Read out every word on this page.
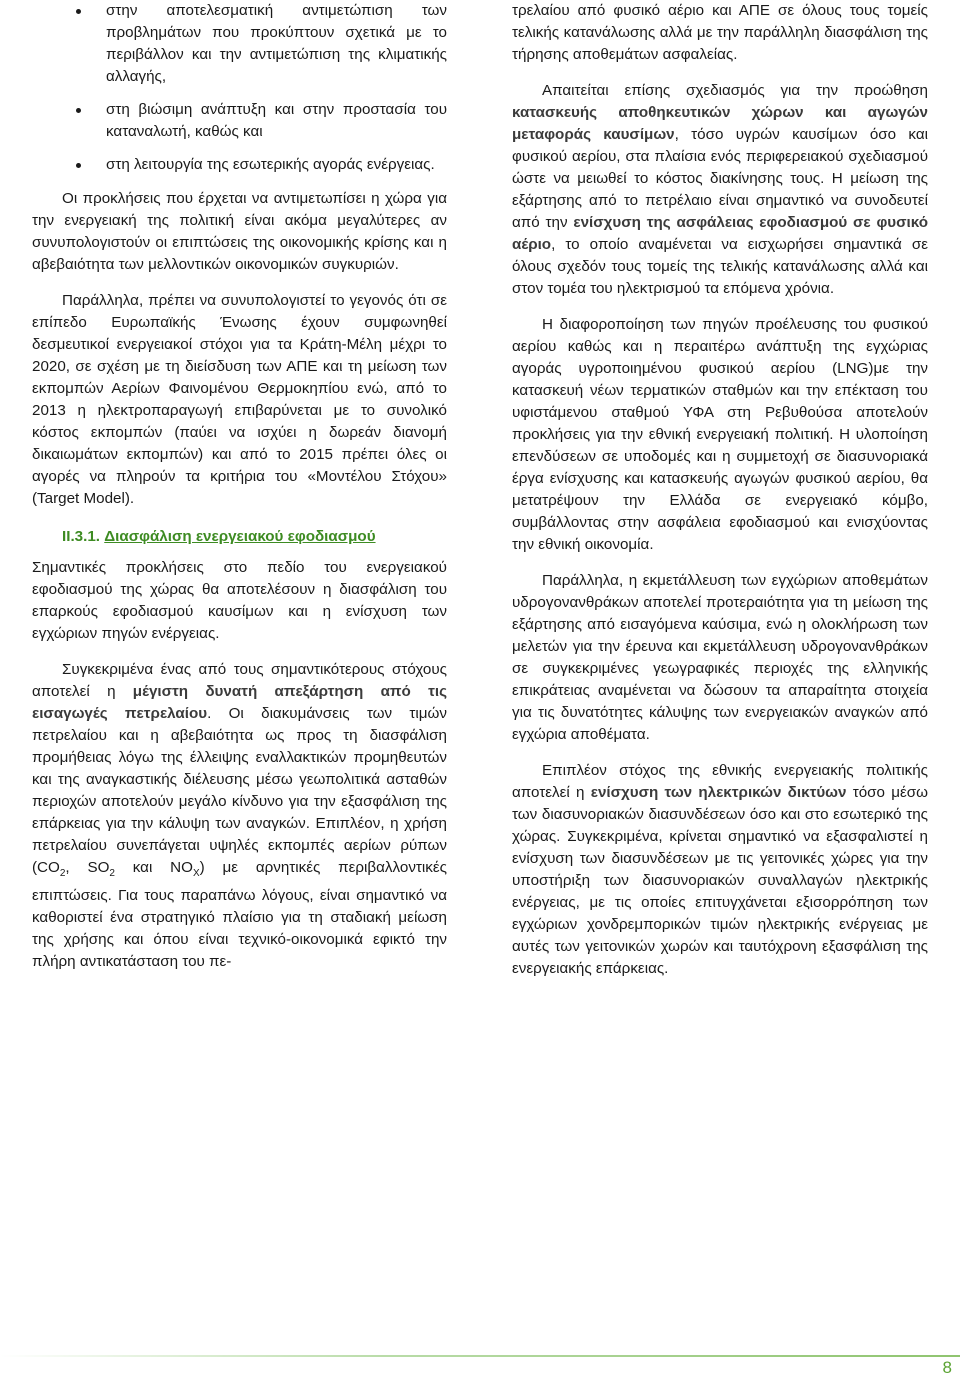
στην αποτελεσματική αντιμετώπιση των προβλημάτων που προκύπτουν σχετικά με το περιβάλλον και την αντιμετώπιση της κλιματικής αλλαγής,
στη βιώσιμη ανάπτυξη και στην προστασία του καταναλωτή, καθώς και
στη λειτουργία της εσωτερικής αγοράς ενέργειας.

Οι προκλήσεις που έρχεται να αντιμετωπίσει η χώρα για την ενεργειακή της πολιτική είναι ακόμα μεγαλύτερες αν συνυπολογιστούν οι επιπτώσεις της οικονομικής κρίσης και η αβεβαιότητα των μελλοντικών οικονομικών συγκυριών.

Παράλληλα, πρέπει να συνυπολογιστεί το γεγονός ότι σε επίπεδο Ευρωπαϊκής Ένωσης έχουν συμφωνηθεί δεσμευτικοί ενεργειακοί στόχοι για τα Κράτη-Μέλη μέχρι το 2020, σε σχέση με τη διείσδυση των ΑΠΕ και τη μείωση των εκπομπών Αερίων Φαινομένου Θερμοκηπίου ενώ, από το 2013 η ηλεκτροπαραγωγή επιβαρύνεται με το συνολικό κόστος εκπομπών (παύει να ισχύει η δωρεάν διανομή δικαιωμάτων εκπομπών) και από το 2015 πρέπει όλες οι αγορές να πληρούν τα κριτήρια του «Μοντέλου Στόχου» (Target Model).

II.3.1. Διασφάλιση ενεργειακού εφοδιασμού

Σημαντικές προκλήσεις στο πεδίο του ενεργειακού εφοδιασμού της χώρας θα αποτελέσουν η διασφάλιση του επαρκούς εφοδιασμού καυσίμων και η ενίσχυση των εγχώριων πηγών ενέργειας.

Συγκεκριμένα ένας από τους σημαντικότερους στόχους αποτελεί η μέγιστη δυνατή απεξάρτηση από τις εισαγωγές πετρελαίου. Οι διακυμάνσεις των τιμών πετρελαίου και η αβεβαιότητα ως προς τη διασφάλιση προμήθειας λόγω της έλλειψης εναλλακτικών προμηθευτών και της αναγκαστικής διέλευσης μέσω γεωπολιτικά ασταθών περιοχών αποτελούν μεγάλο κίνδυνο για την εξασφάλιση της επάρκειας για την κάλυψη των αναγκών. Επιπλέον, η χρήση πετρελαίου συνεπάγεται υψηλές εκπομπές αερίων ρύπων ($CO_2$, $SO_2$ και $NO_X$) με αρνητικές περιβαλλοντικές επιπτώσεις. Για τους παραπάνω λόγους, είναι σημαντικό να καθοριστεί ένα στρατηγικό πλαίσιο για τη σταδιακή μείωση της χρήσης και όπου είναι τεχνικό-οικονομικά εφικτό την πλήρη αντικατάσταση του πε-

τρελαίου από φυσικό αέριο και ΑΠΕ σε όλους τους τομείς τελικής κατανάλωσης αλλά με την παράλληλη διασφάλιση της τήρησης αποθεμάτων ασφαλείας.

Απαιτείται επίσης σχεδιασμός για την προώθηση κατασκευής αποθηκευτικών χώρων και αγωγών μεταφοράς καυσίμων, τόσο υγρών καυσίμων όσο και φυσικού αερίου, στα πλαίσια ενός περιφερειακού σχεδιασμού ώστε να μειωθεί το κόστος διακίνησης τους. Η μείωση της εξάρτησης από το πετρέλαιο είναι σημαντικό να συνοδευτεί από την ενίσχυση της ασφάλειας εφοδιασμού σε φυσικό αέριο, το οποίο αναμένεται να εισχωρήσει σημαντικά σε όλους σχεδόν τους τομείς της τελικής κατανάλωσης αλλά και στον τομέα του ηλεκτρισμού τα επόμενα χρόνια.

Η διαφοροποίηση των πηγών προέλευσης του φυσικού αερίου καθώς και η περαιτέρω ανάπτυξη της εγχώριας αγοράς υγροποιημένου φυσικού αερίου (LNG)με την κατασκευή νέων τερματικών σταθμών και την επέκταση του υφιστάμενου σταθμού ΥΦΑ στη Ρεβυθούσα αποτελούν προκλήσεις για την εθνική ενεργειακή πολιτική. Η υλοποίηση επενδύσεων σε υποδομές και η συμμετοχή σε διασυνοριακά έργα ενίσχυσης και κατασκευής αγωγών φυσικού αερίου, θα μετατρέψουν την Ελλάδα σε ενεργειακό κόμβο, συμβάλλοντας στην ασφάλεια εφοδιασμού και ενισχύοντας την εθνική οικονομία.

Παράλληλα, η εκμετάλλευση των εγχώριων αποθεμάτων υδρογονανθράκων αποτελεί προτεραιότητα για τη μείωση της εξάρτησης από εισαγόμενα καύσιμα, ενώ η ολοκλήρωση των μελετών για την έρευνα και εκμετάλλευση υδρογονανθράκων σε συγκεκριμένες γεωγραφικές περιοχές της ελληνικής επικράτειας αναμένεται να δώσουν τα απαραίτητα στοιχεία για τις δυνατότητες κάλυψης των ενεργειακών αναγκών από εγχώρια αποθέματα.

Επιπλέον στόχος της εθνικής ενεργειακής πολιτικής αποτελεί η ενίσχυση των ηλεκτρικών δικτύων τόσο μέσω των διασυνοριακών διασυνδέσεων όσο και στο εσωτερικό της χώρας. Συγκεκριμένα, κρίνεται σημαντικό να εξασφαλιστεί η ενίσχυση των διασυνδέσεων με τις γειτονικές χώρες για την υποστήριξη των διασυνοριακών συναλλαγών ηλεκτρικής ενέργειας, με τις οποίες επιτυγχάνεται εξισορρόπηση των εγχώριων χονδρεμπορικών τιμών ηλεκτρικής ενέργειας με αυτές των γειτονικών χωρών και ταυτόχρονη εξασφάλιση της ενεργειακής επάρκειας.

8
